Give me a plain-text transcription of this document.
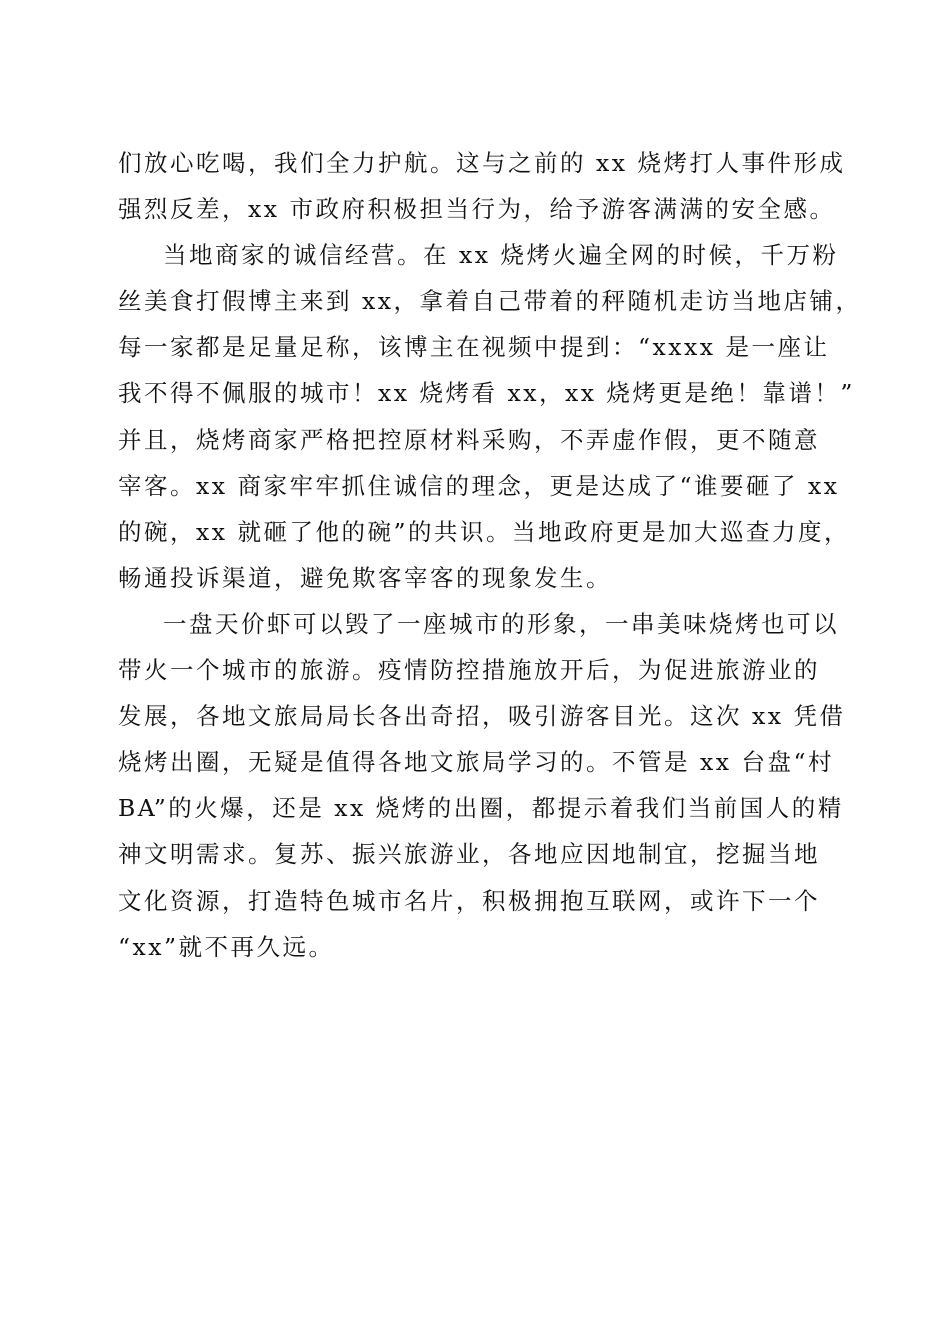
们放心吃喝，我们全力护航。这与之前的 xx 烧烤打人事件形成
强烈反差，xx 市政府积极担当行为，给予游客满满的安全感。
当地商家的诚信经营。在 xx 烧烤火遍全网的时候，千万粉
丝美食打假博主来到 xx，拿着自己带着的秤随机走访当地店铺，
每一家都是足量足称，该博主在视频中提到：“xxxx 是一座让
我不得不佩服的城市！xx 烧烤看 xx，xx 烧烤更是绝！靠谱！”
并且，烧烤商家严格把控原材料采购，不弄虚作假，更不随意
宰客。xx 商家牢牢抓住诚信的理念，更是达成了“谁要砸了 xx
的碗，xx 就砸了他的碗”的共识。当地政府更是加大巡查力度，
畅通投诉渠道，避免欺客宰客的现象发生。
一盘天价虾可以毁了一座城市的形象，一串美味烧烤也可以
带火一个城市的旅游。疫情防控措施放开后，为促进旅游业的
发展，各地文旅局局长各出奇招，吸引游客目光。这次 xx 凭借
烧烤出圈，无疑是值得各地文旅局学习的。不管是 xx 台盘“村
BA”的火爆，还是 xx 烧烤的出圈，都提示着我们当前国人的精
神文明需求。复苏、振兴旅游业，各地应因地制宜，挖掘当地
文化资源，打造特色城市名片，积极拥抱互联网，或许下一个
“xx”就不再久远。
